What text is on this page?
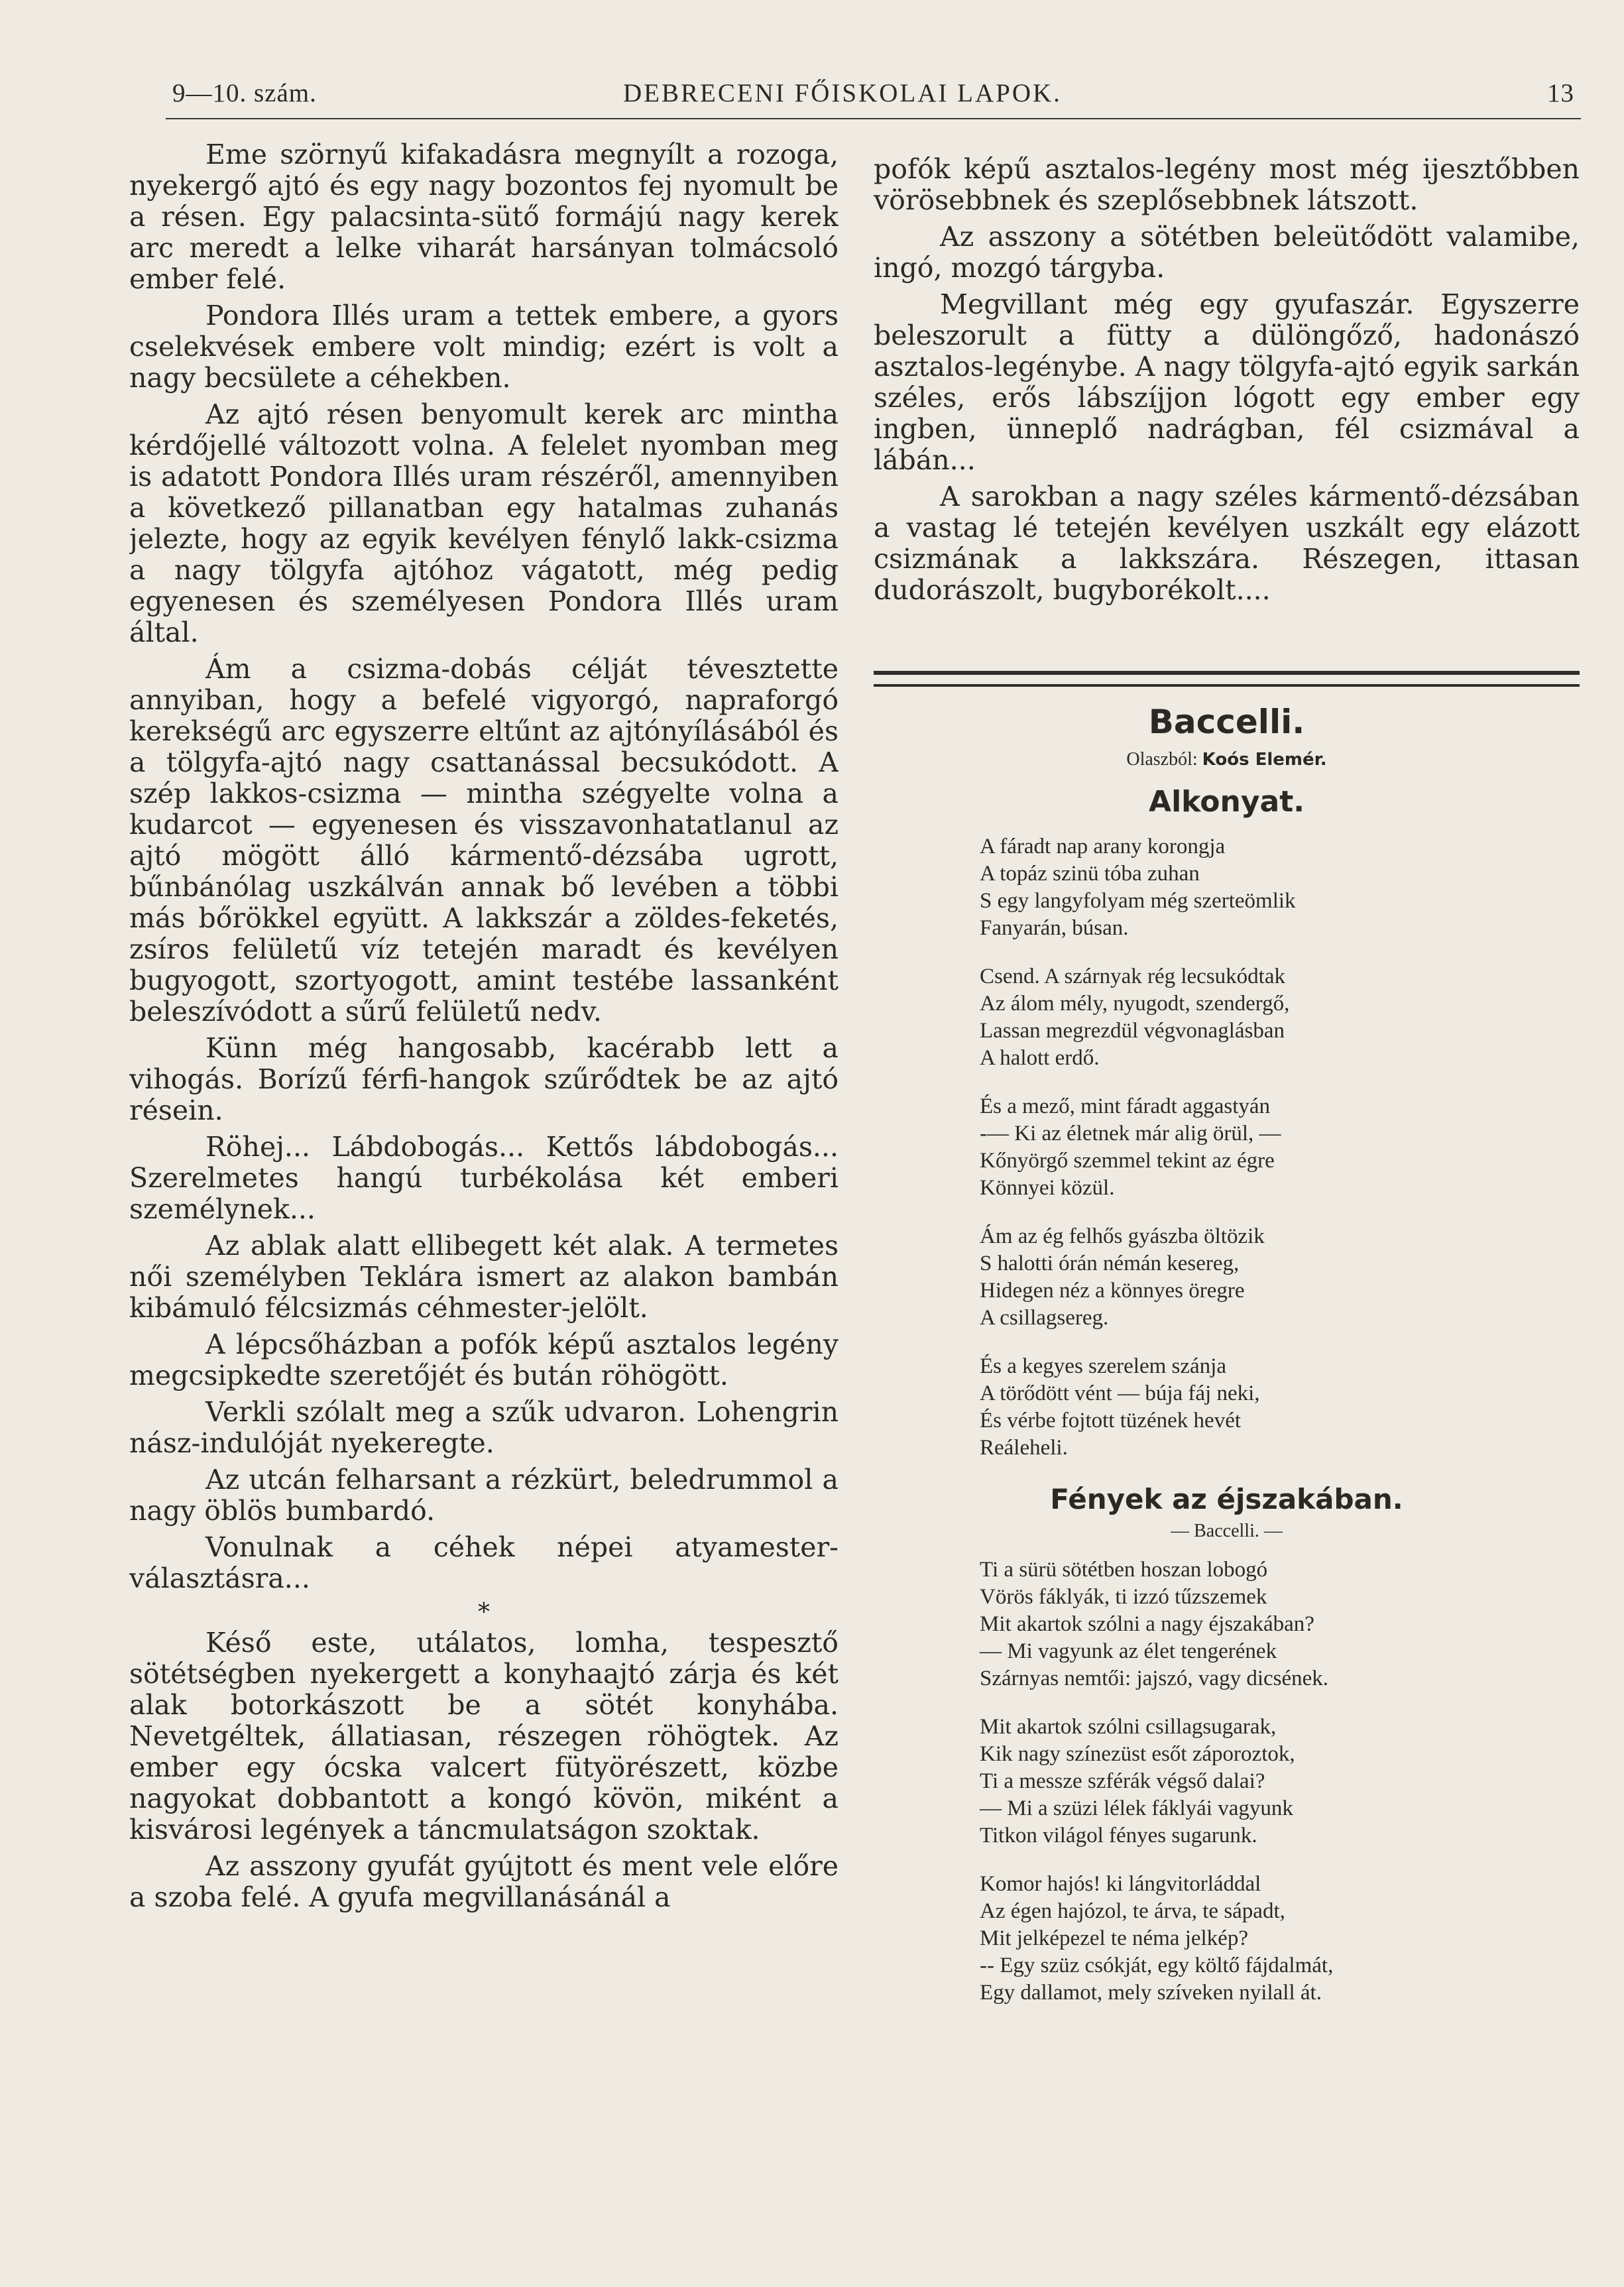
9—10. szám.	DEBRECENI FŐISKOLAI LAPOK.	13

Eme szörnyű kifakadásra megnyílt a rozoga, nyekergő ajtó és egy nagy bozontos fej nyomult be a résen. Egy palacsinta-sütő formájú nagy kerek arc meredt a lelke viharát harsányan tolmácsoló ember felé.

Pondora Illés uram a tettek embere, a gyors cselekvések embere volt mindig; ezért is volt a nagy becsülete a céhekben.

Az ajtó résen benyomult kerek arc mintha kérdőjellé változott volna. A felelet nyomban meg is adatott Pondora Illés uram részéről, amennyiben a következő pillanatban egy hatalmas zuhanás jelezte, hogy az egyik kevélyen fénylő lakk-csizma a nagy tölgyfa ajtóhoz vágatott, még pedig egyenesen és személyesen Pondora Illés uram által.

Ám a csizma-dobás célját tévesztette annyiban, hogy a befelé vigyorgó, napraforgó kerekségű arc egyszerre eltűnt az ajtónyílásából és a tölgyfa-ajtó nagy csattanással becsukódott. A szép lakkos-csizma — mintha szégyelte volna a kudarcot — egyenesen és visszavonhatatlanul az ajtó mögött álló kármentő-dézsába ugrott, bűnbánólag uszkálván annak bő levében a többi más bőrökkel együtt. A lakkszár a zöldes-feketés, zsíros felületű víz tetején maradt és kevélyen bugyogott, szortyogott, amint testébe lassanként beleszívódott a sűrű felületű nedv.

Künn még hangosabb, kacérabb lett a vihogás. Borízű férfi-hangok szűrődtek be az ajtó résein.

Röhej... Lábdobogás... Kettős lábdobogás... Szerelmetes hangú turbékolása két emberi személynek...

Az ablak alatt ellibegett két alak. A termetes női személyben Teklára ismert az alakon bambán kibámuló félcsizmás céhmester-jelölt.

A lépcsőházban a pofók képű asztalos legény megcsipkedte szeretőjét és bután röhögött.

Verkli szólalt meg a szűk udvaron. Lohengrin nász-indulóját nyekeregte.

Az utcán felharsant a rézkürt, beledrummol a nagy öblös bumbardó.

Vonulnak a céhek népei atyamester-választásra...

*

Késő este, utálatos, lomha, tespesztő sötétségben nyekergett a konyhaajtó zárja és két alak botorkászott be a sötét konyhába. Nevetgéltek, állatiasan, részegen röhögtek. Az ember egy ócska valcert fütyörészett, közbe nagyokat dobbantott a kongó kövön, miként a kisvárosi legények a táncmulatságon szoktak.

Az asszony gyufát gyújtott és ment vele előre a szoba felé. A gyufa megvillanásánál a

pofók képű asztalos-legény most még ijesztőbben vörösebbnek és szeplősebbnek látszott.

Az asszony a sötétben beleütődött valamibe, ingó, mozgó tárgyba.

Megvillant még egy gyufaszár. Egyszerre beleszorult a fütty a dülöngőző, hadonászó asztalos-legénybe. A nagy tölgyfa-ajtó egyik sarkán széles, erős lábszíjjon lógott egy ember egy ingben, ünneplő nadrágban, fél csizmával a lábán...

A sarokban a nagy széles kármentő-dézsában a vastag lé tetején kevélyen uszkált egy elázott csizmának a lakkszára. Részegen, ittasan dudorászolt, bugyborékolt....

Baccelli.
Olaszból: Koós Elemér.
Alkonyat.
A fáradt nap arany korongja
A topáz szinü tóba zuhan
S egy langyfolyam még szerteömlik
Fanyarán, búsan.
Csend. A szárnyak rég lecsukódtak
Az álom mély, nyugodt, szendergő,
Lassan megrezdül végvonaglásban
A halott erdő.
És a mező, mint fáradt aggastyán
-— Ki az életnek már alig örül, —
Kőnyörgő szemmel tekint az égre
Könnyei közül.
Ám az ég felhős gyászba öltözik
S halotti órán némán kesereg,
Hidegen néz a könnyes öregre
A csillagsereg.
És a kegyes szerelem szánja
A törődött vént — búja fáj neki,
És vérbe fojtott tüzének hevét
Reáleheli.
Fények az éjszakában.
— Baccelli. —
Ti a sürü sötétben hoszan lobogó
Vörös fáklyák, ti izzó tűzszemek
Mit akartok szólni a nagy éjszakában?
— Mi vagyunk az élet tengerének
Szárnyas nemtői: jajszó, vagy dicsének.
Mit akartok szólni csillagsugarak,
Kik nagy színezüst esőt záporoztok,
Ti a messze szférák végső dalai?
— Mi a szüzi lélek fáklyái vagyunk
Titkon világol fényes sugarunk.
Komor hajós! ki lángvitorláddal
Az égen hajózol, te árva, te sápadt,
Mit jelképezel te néma jelkép?
-- Egy szüz csókját, egy költő fájdalmát,
Egy dallamot, mely szíveken nyilall át.
